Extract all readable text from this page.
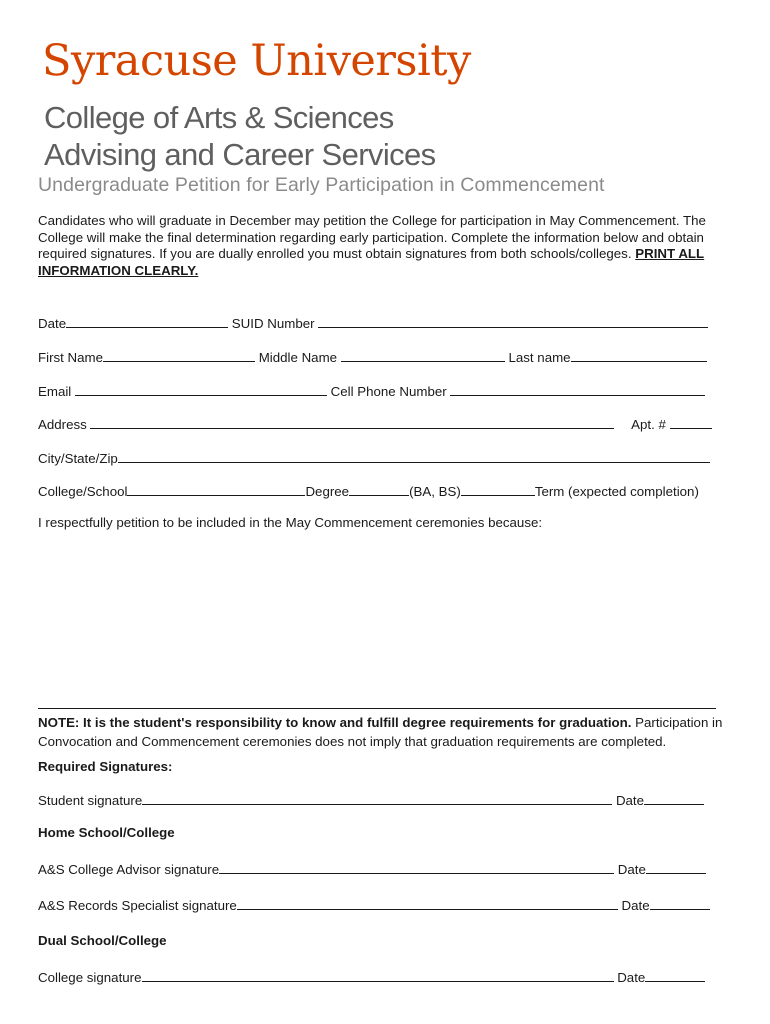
Syracuse University
College of Arts & Sciences
Advising and Career Services
Undergraduate Petition for Early Participation in Commencement
Candidates who will graduate in December may petition the College for participation in May Commencement. The College will make the final determination regarding early participation. Complete the information below and obtain required signatures. If you are dually enrolled you must obtain signatures from both schools/colleges. PRINT ALL INFORMATION CLEARLY.
Date	SUID Number
First Name	Middle Name	Last name
Email	Cell Phone Number
Address	Apt. #
City/State/Zip
College/School	Degree	(BA, BS)	Term (expected completion)
I respectfully petition to be included in the May Commencement ceremonies because:
NOTE: It is the student's responsibility to know and fulfill degree requirements for graduation. Participation in Convocation and Commencement ceremonies does not imply that graduation requirements are completed.
Required Signatures:
Student signature	Date
Home School/College
A&S College Advisor signature	Date
A&S Records Specialist signature	Date
Dual School/College
College signature	Date
